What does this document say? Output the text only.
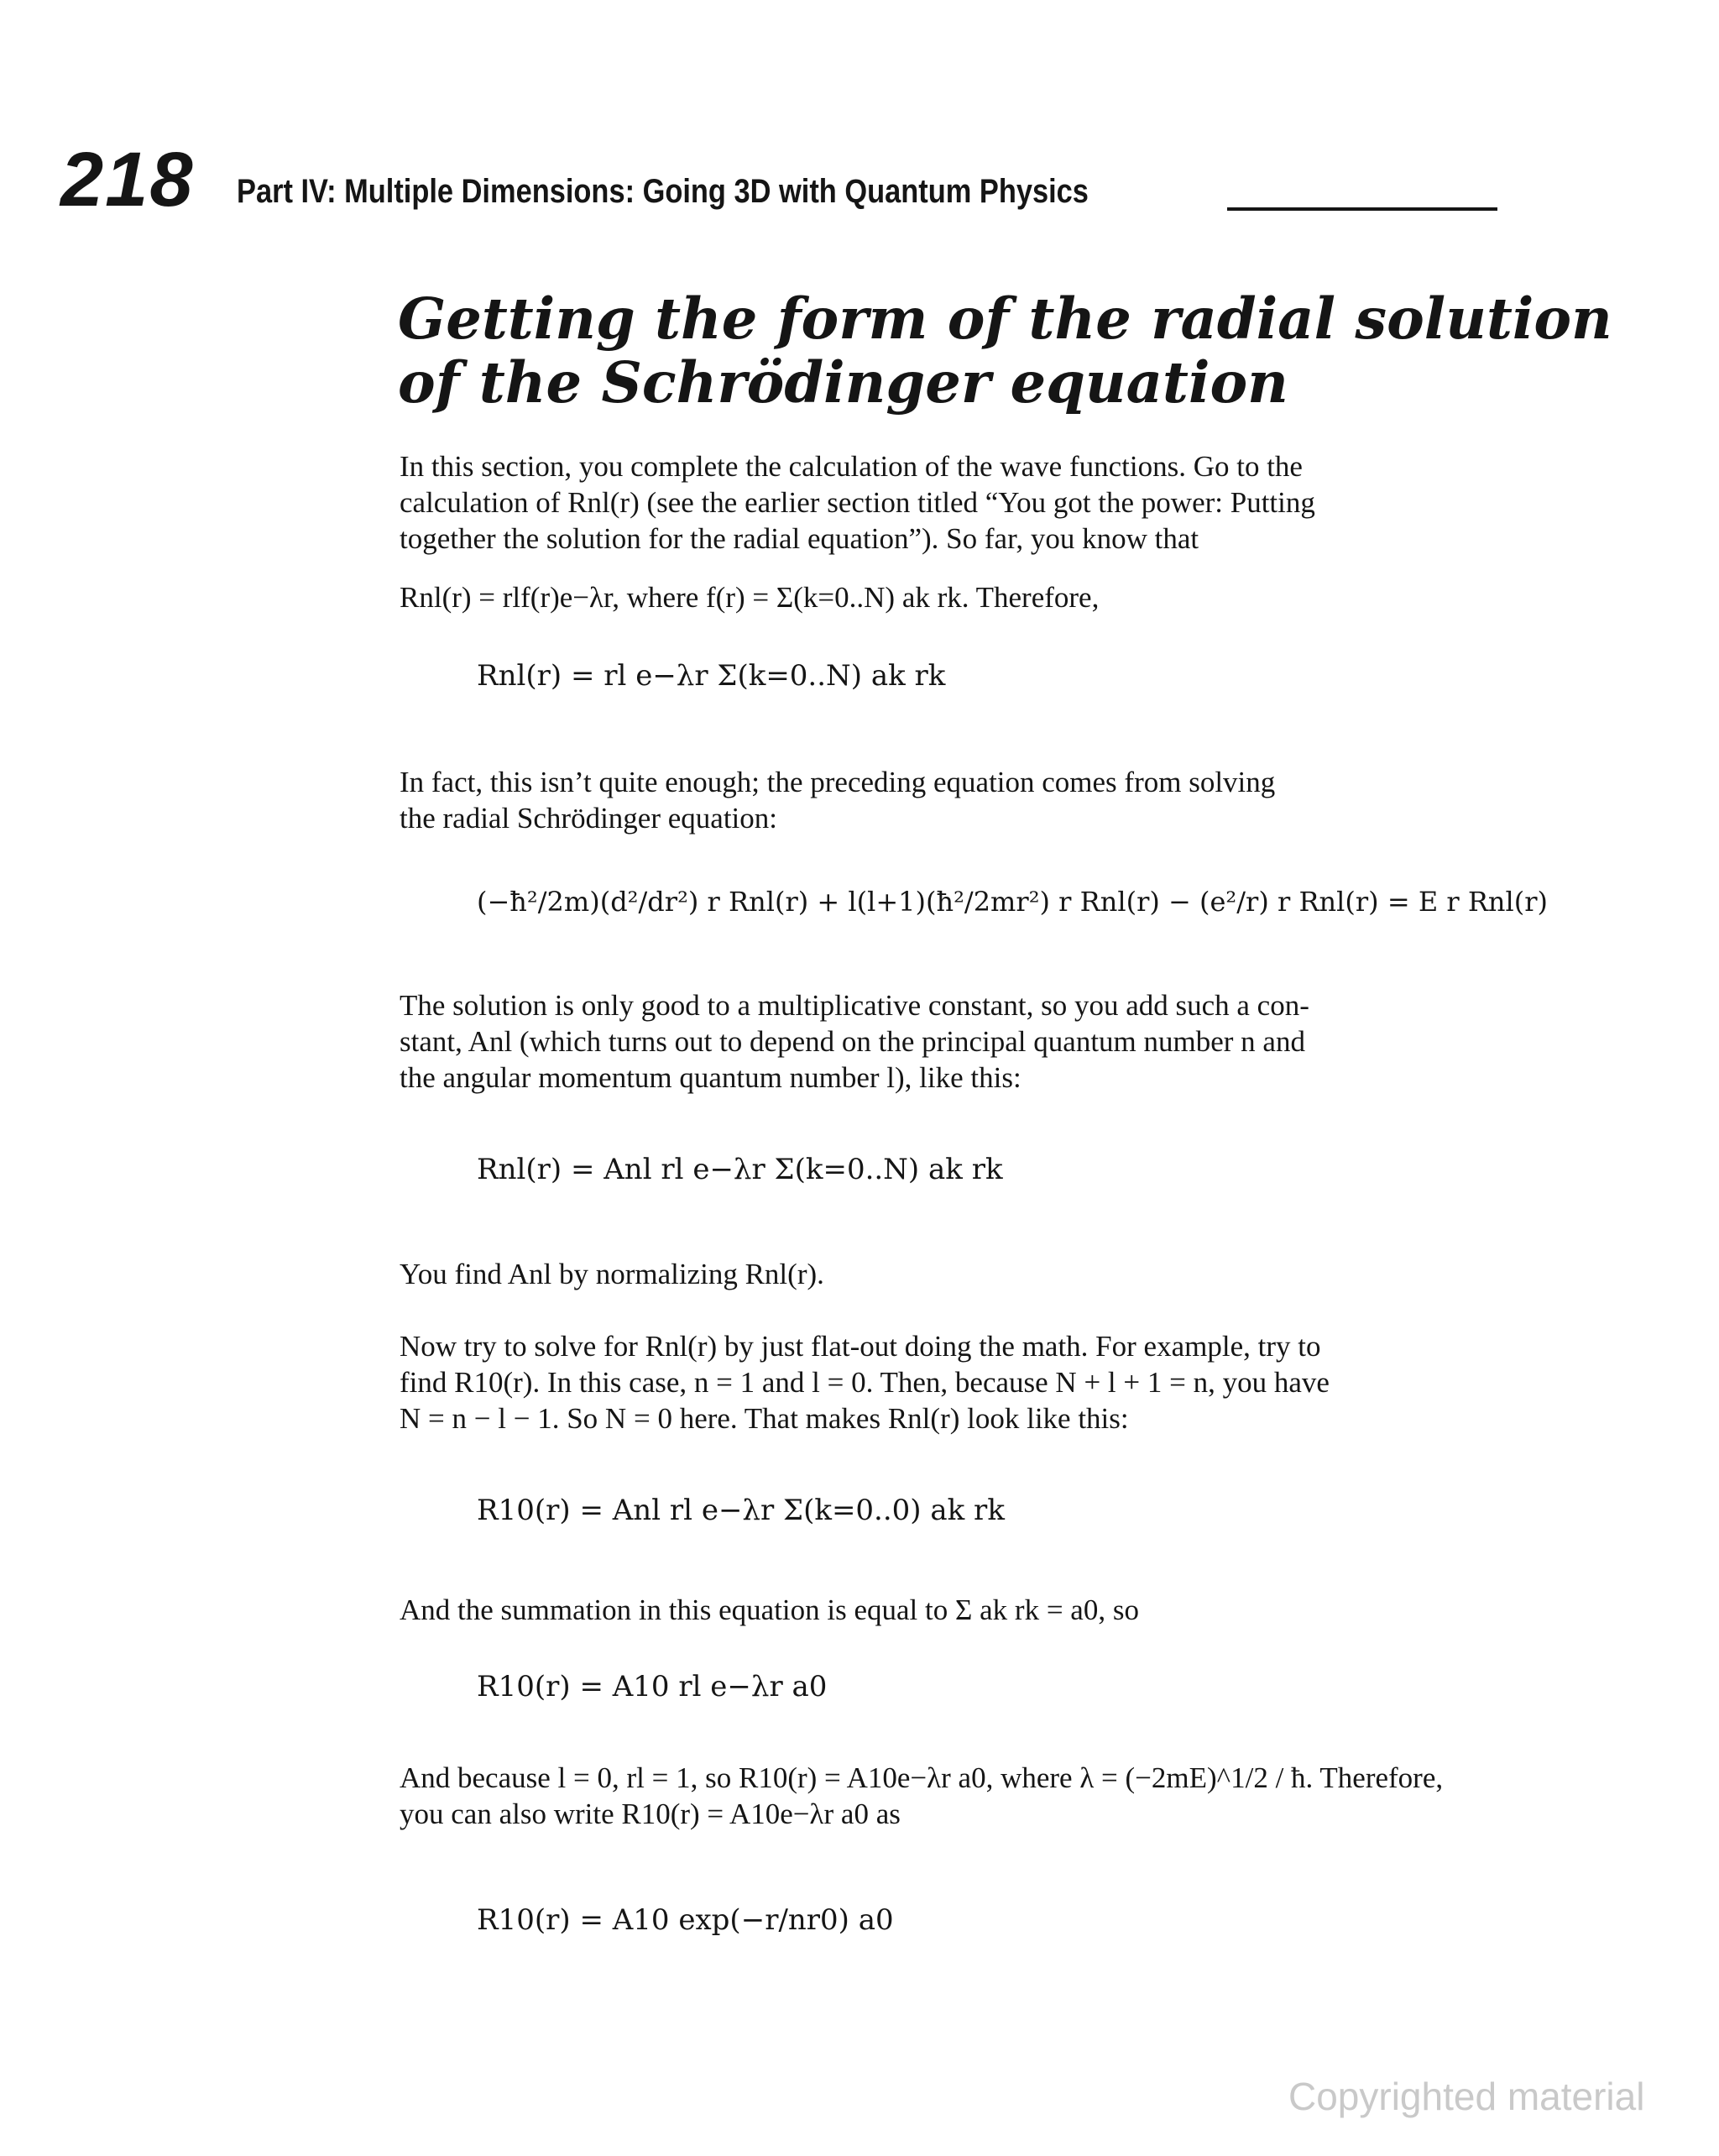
218 Part IV: Multiple Dimensions: Going 3D with Quantum Physics
Getting the form of the radial solution
of the Schrödinger equation

In this section, you complete the calculation of the wave functions. Go to the
calculation of Rnl(r) (see the earlier section titled “You got the power: Putting
together the solution for the radial equation”). So far, you know that

Rnl(r) = rlf(r)e−λr, where f(r) = Σ(k=0..N) ak rk. Therefore,

Rnl(r) = rl e−λr Σ(k=0..N) ak rk

In fact, this isn’t quite enough; the preceding equation comes from solving
the radial Schrödinger equation:

(−ħ²/2m)(d²/dr²) r Rnl(r) + l(l+1)(ħ²/2mr²) r Rnl(r) − (e²/r) r Rnl(r) = E r Rnl(r)

The solution is only good to a multiplicative constant, so you add such a con-
stant, Anl (which turns out to depend on the principal quantum number n and
the angular momentum quantum number l), like this:

Rnl(r) = Anl rl e−λr Σ(k=0..N) ak rk

You find Anl by normalizing Rnl(r).

Now try to solve for Rnl(r) by just flat-out doing the math. For example, try to
find R10(r). In this case, n = 1 and l = 0. Then, because N + l + 1 = n, you have
N = n − l − 1. So N = 0 here. That makes Rnl(r) look like this:

R10(r) = Anl rl e−λr Σ(k=0..0) ak rk

And the summation in this equation is equal to Σ ak rk = a0, so

R10(r) = A10 rl e−λr a0

And because l = 0, rl = 1, so R10(r) = A10e−λr a0, where λ = (−2mE)^1/2 / ħ. Therefore,
you can also write R10(r) = A10e−λr a0 as

R10(r) = A10 exp(−r/nr0) a0
Copyrighted material
